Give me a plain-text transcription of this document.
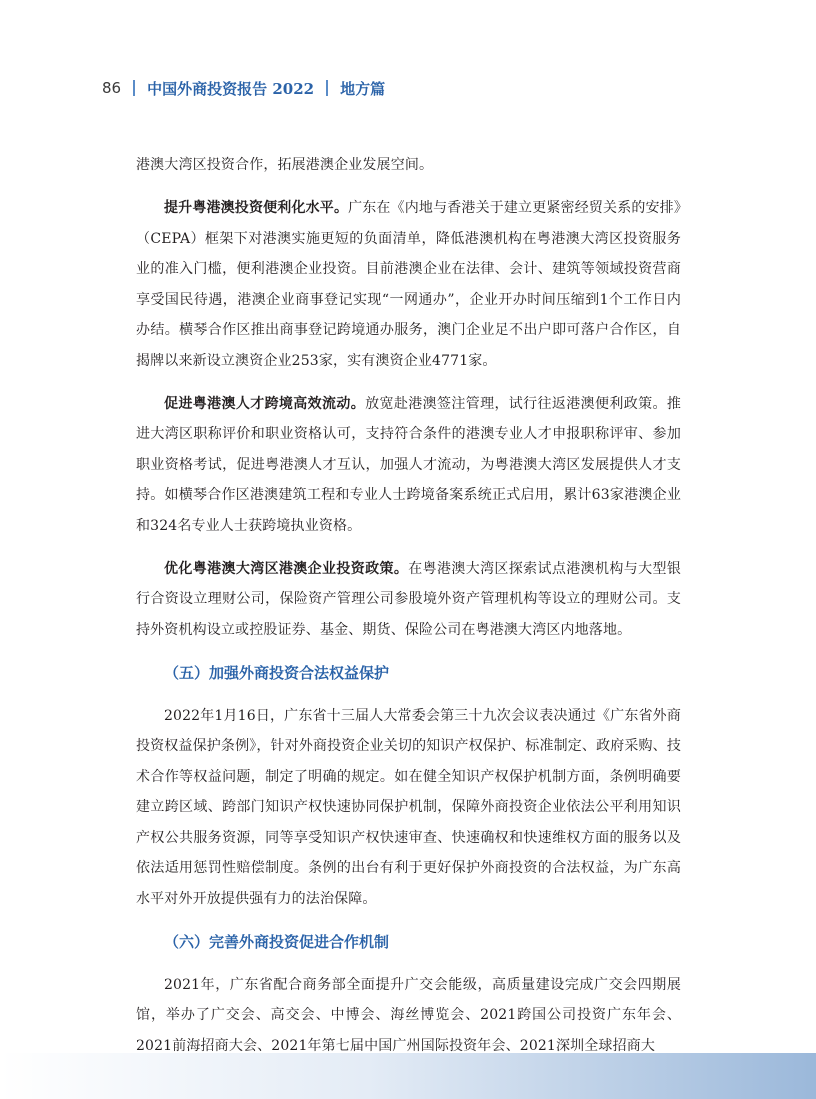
86 中国外商投资报告 2022 地方篇

港澳大湾区投资合作，拓展港澳企业发展空间。

提升粤港澳投资便利化水平。广东在《内地与香港关于建立更紧密经贸关系的安排》（CEPA）框架下对港澳实施更短的负面清单，降低港澳机构在粤港澳大湾区投资服务业的准入门槛，便利港澳企业投资。目前港澳企业在法律、会计、建筑等领域投资营商享受国民待遇，港澳企业商事登记实现“一网通办”，企业开办时间压缩到1个工作日内办结。横琴合作区推出商事登记跨境通办服务，澳门企业足不出户即可落户合作区，自揭牌以来新设立澳资企业253家，实有澳资企业4771家。

促进粤港澳人才跨境高效流动。放宽赴港澳签注管理，试行往返港澳便利政策。推进大湾区职称评价和职业资格认可，支持符合条件的港澳专业人才申报职称评审、参加职业资格考试，促进粤港澳人才互认，加强人才流动，为粤港澳大湾区发展提供人才支持。如横琴合作区港澳建筑工程和专业人士跨境备案系统正式启用，累计63家港澳企业和324名专业人士获跨境执业资格。

优化粤港澳大湾区港澳企业投资政策。在粤港澳大湾区探索试点港澳机构与大型银行合资设立理财公司，保险资产管理公司参股境外资产管理机构等设立的理财公司。支持外资机构设立或控股证券、基金、期货、保险公司在粤港澳大湾区内地落地。

（五）加强外商投资合法权益保护

2022年1月16日，广东省十三届人大常委会第三十九次会议表决通过《广东省外商投资权益保护条例》，针对外商投资企业关切的知识产权保护、标准制定、政府采购、技术合作等权益问题，制定了明确的规定。如在健全知识产权保护机制方面，条例明确要建立跨区域、跨部门知识产权快速协同保护机制，保障外商投资企业依法公平利用知识产权公共服务资源，同等享受知识产权快速审查、快速确权和快速维权方面的服务以及依法适用惩罚性赔偿制度。条例的出台有利于更好保护外商投资的合法权益，为广东高水平对外开放提供强有力的法治保障。

（六）完善外商投资促进合作机制

2021年，广东省配合商务部全面提升广交会能级，高质量建设完成广交会四期展馆，举办了广交会、高交会、中博会、海丝博览会、2021跨国公司投资广东年会、2021前海招商大会、2021年第七届中国广州国际投资年会、2021深圳全球招商大
